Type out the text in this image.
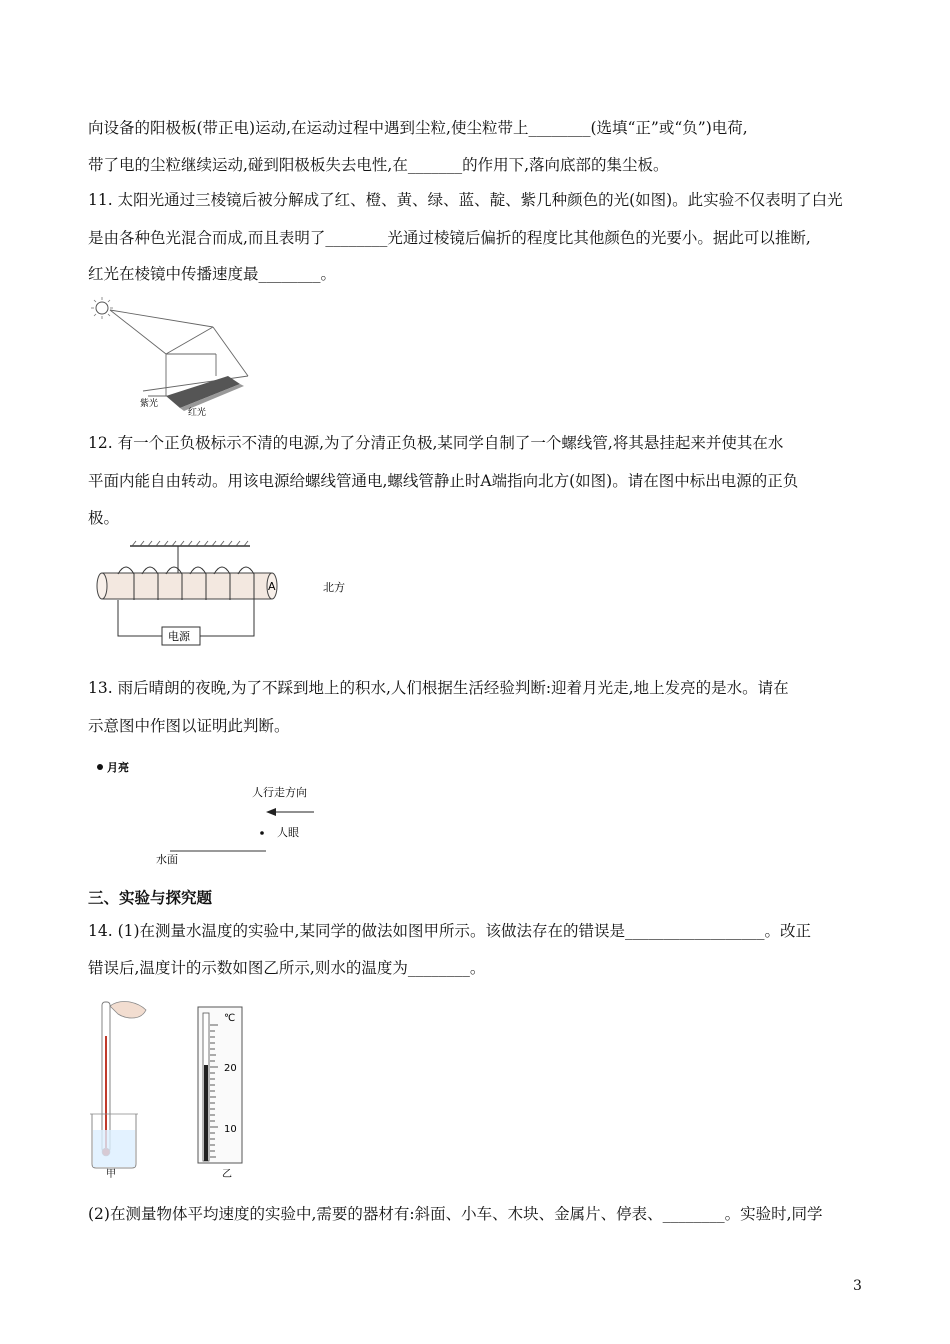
向设备的阳极板(带正电)运动,在运动过程中遇到尘粒,使尘粒带上________(选填“正”或“负”)电荷,
带了电的尘粒继续运动,碰到阳极板失去电性,在_______的作用下,落向底部的集尘板。
11. 太阳光通过三棱镜后被分解成了红、橙、黄、绿、蓝、靛、紫几种颜色的光(如图)。此实验不仅表明了白光
是由各种色光混合而成,而且表明了________光通过棱镜后偏折的程度比其他颜色的光要小。据此可以推断,
红光在棱镜中传播速度最________。
紫光
红光
12. 有一个正负极标示不清的电源,为了分清正负极,某同学自制了一个螺线管,将其悬挂起来并使其在水
平面内能自由转动。用该电源给螺线管通电,螺线管静止时A端指向北方(如图)。请在图中标出电源的正负
极。
电源
A	北方
13. 雨后晴朗的夜晚,为了不踩到地上的积水,人们根据生活经验判断:迎着月光走,地上发亮的是水。请在
示意图中作图以证明此判断。
月亮
人行走方向
人眼
水面
三、实验与探究题
14. (1)在测量水温度的实验中,某同学的做法如图甲所示。该做法存在的错误是__________________。改正
错误后,温度计的示数如图乙所示,则水的温度为________。
甲
℃
20
10
乙
(2)在测量物体平均速度的实验中,需要的器材有:斜面、小车、木块、金属片、停表、________。实验时,同学
3
